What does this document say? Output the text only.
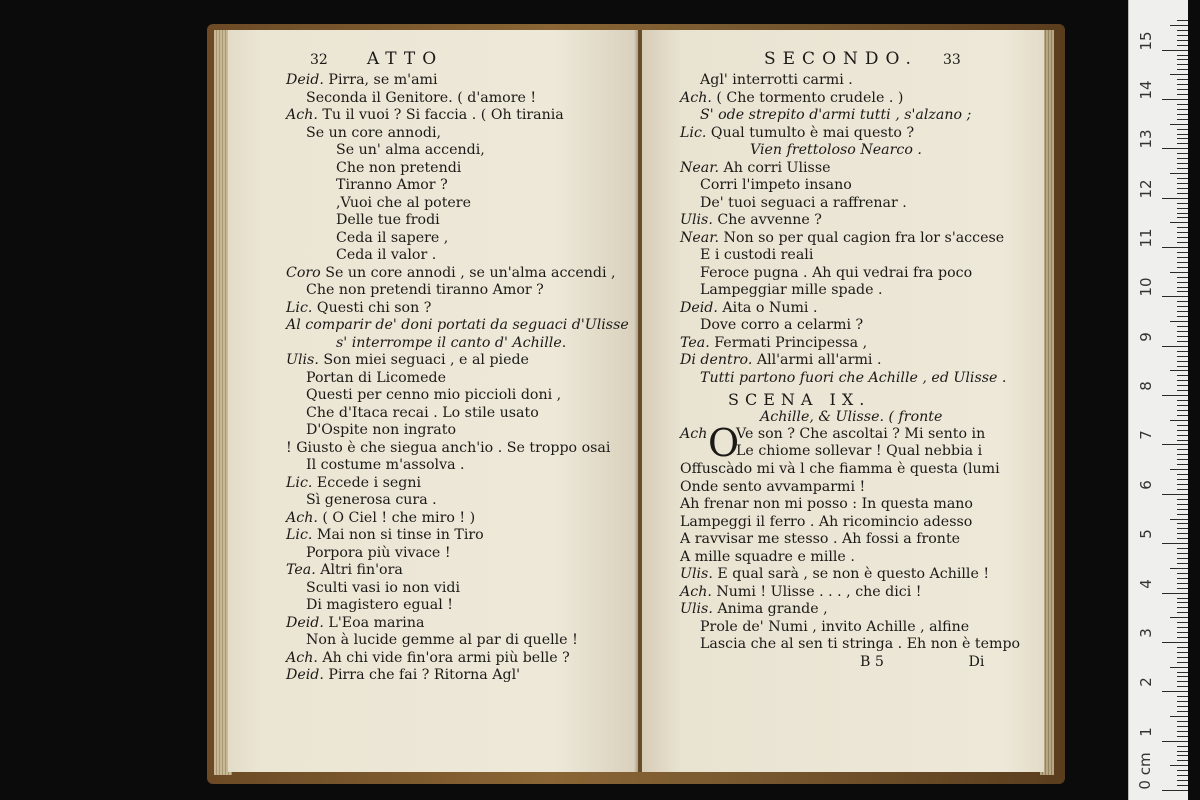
32 ATTO
Deid. Pirra, se m'ami
Seconda il Genitore. ( d'amore !
Ach. Tu il vuoi ? Si faccia . ( Oh tirania
Se un core annodi,
Se un' alma accendi,
Che non pretendi
Tiranno Amor ?
,Vuoi che al potere
Delle tue frodi
Ceda il sapere ,
Ceda il valor .
Coro Se un core annodi , se un'alma accendi ,
Che non pretendi tiranno Amor ?
Lic. Questi chi son ?
Al comparir de' doni portati da seguaci d'Ulisse
s' interrompe il canto d' Achille.
Ulis. Son miei seguaci , e al piede
Portan di Licomede
Questi per cenno mio piccioli doni ,
Che d'Itaca recai . Lo stile usato
D'Ospite non ingrato
! Giusto è che siegua anch'io . Se troppo osai
Il costume m'assolva .
Lic. Eccede i segni
Sì generosa cura .
Ach. ( O Ciel ! che miro ! )
Lic. Mai non si tinse in Tiro
Porpora più vivace !
Tea. Altri fin'ora
Sculti vasi io non vidi
Di magistero egual !
Deid. L'Eoa marina
Non à lucide gemme al par di quelle !
Ach. Ah chi vide fin'ora armi più belle ?
Deid. Pirra che fai ? Ritorna Agl'
SECONDO. 33
Agl' interrotti carmi .
Ach. ( Che tormento crudele . )
S' ode strepito d'armi tutti , s'alzano ;
Lic. Qual tumulto è mai questo ?
Vien frettoloso Nearco .
Near. Ah corri Ulisse
Corri l'impeto insano
De' tuoi seguaci a raffrenar .
Ulis. Che avvenne ?
Near. Non so per qual cagion fra lor s'accese
E i custodi reali
Feroce pugna . Ah qui vedrai fra poco
Lampeggiar mille spade .
Deid. Aita o Numi .
Dove corro a celarmi ?
Tea. Fermati Principessa ,
Di dentro. All'armi all'armi .
Tutti partono fuori che Achille , ed Ulisse .
SCENA IX.
Achille, & Ulisse. ( fronte
Ach O
Ve son ? Che ascoltai ? Mi sento in
Le chiome sollevar ! Qual nebbia i
Offuscàdo mi và l che fiamma è questa (lumi
Onde sento avvamparmi !
Ah frenar non mi posso : In questa mano
Lampeggi il ferro . Ah ricomincio adesso
A ravvisar me stesso . Ah fossi a fronte
A mille squadre e mille .
Ulis. E qual sarà , se non è questo Achille !
Ach. Numi ! Ulisse . . . , che dici !
Ulis. Anima grande ,
Prole de' Numi , invito Achille , alfine
Lascia che al sen ti stringa . Eh non è tempo
B 5	Di
0 cm
1
2
3
4
5
6
7
8
9
10
11
12
13
14
15
